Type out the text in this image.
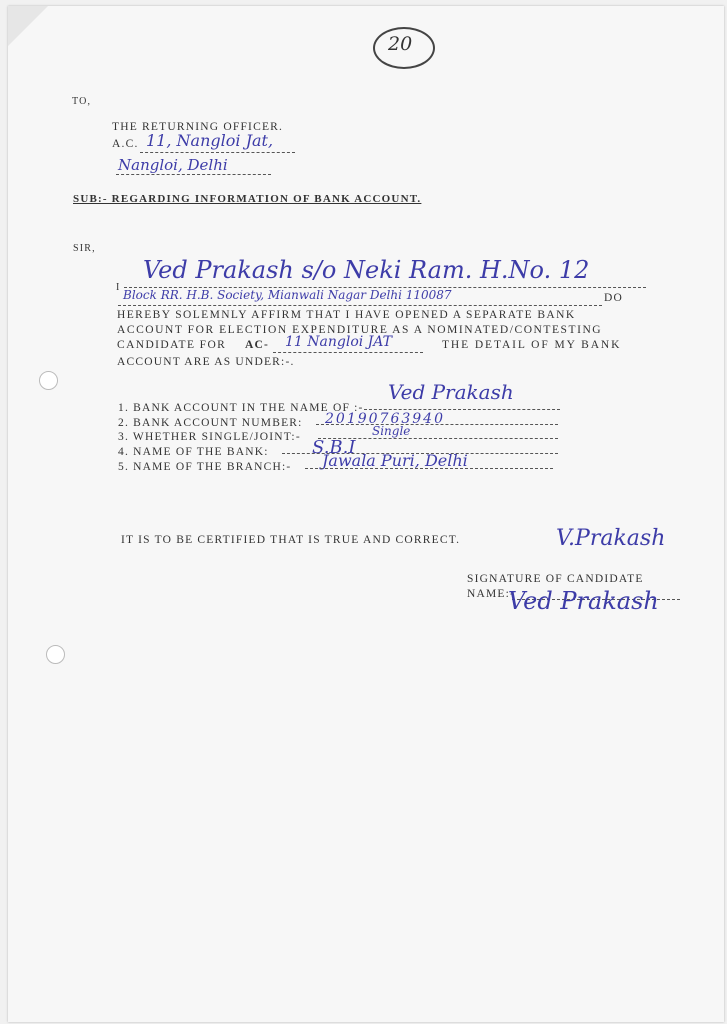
20
TO,
THE RETURNING OFFICER.
A.C. 11, Nangloi Jat,
Nangloi, Delhi
SUB:- REGARDING INFORMATION OF BANK ACCOUNT.
SIR,
I
Ved Prakash s/o Neki Ram. H.No. 12
Block RR. H.B. Society, Mianwali Nagar Delhi 110087	DO
HEREBY SOLEMNLY AFFIRM THAT I HAVE OPENED A SEPARATE BANK
ACCOUNT FOR ELECTION EXPENDITURE AS A NOMINATED/CONTESTING
CANDIDATE FOR AC- 11 Nangloi JAT	THE DETAIL OF MY BANK
ACCOUNT ARE AS UNDER:-.
1. BANK ACCOUNT IN THE NAME OF :-
Ved Prakash
2. BANK ACCOUNT NUMBER: 20190763940
3. WHETHER SINGLE/JOINT:-	Single
4. NAME OF THE BANK: S.B.I
5. NAME OF THE BRANCH:- Jawala Puri, Delhi
IT IS TO BE CERTIFIED THAT IS TRUE AND CORRECT.	V.Prakash
SIGNATURE OF CANDIDATE
NAME:-
Ved Prakash
